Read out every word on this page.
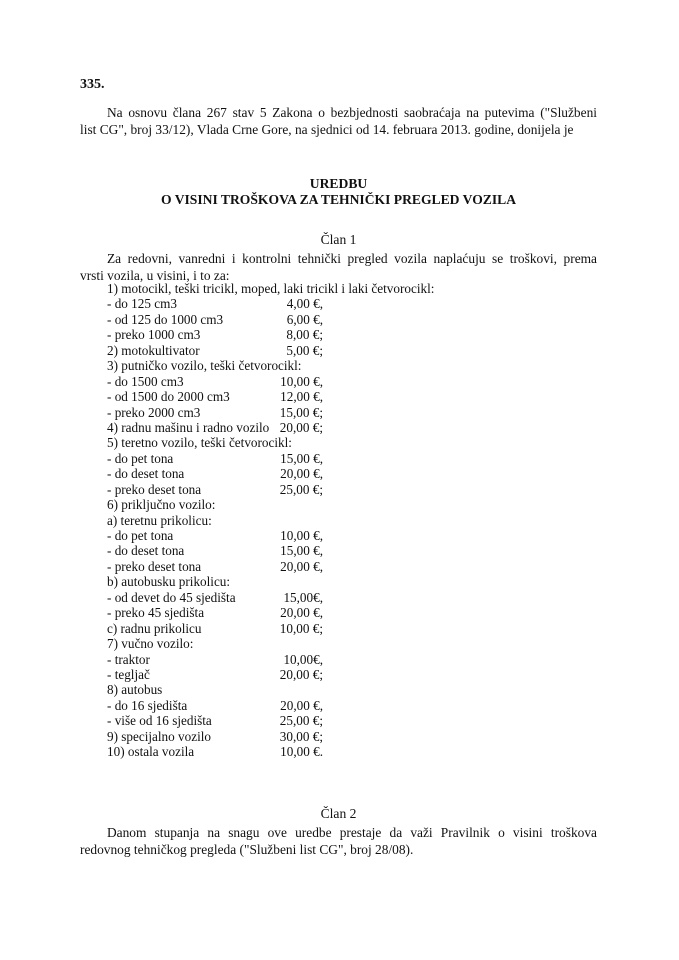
335.
Na osnovu člana 267 stav 5 Zakona o bezbjednosti saobraćaja na putevima ("Službeni
list CG", broj 33/12), Vlada Crne Gore, na sjednici od 14. februara 2013. godine, donijela je
UREDBU
O VISINI TROŠKOVA ZA TEHNIČKI PREGLED VOZILA
Član 1
Za redovni, vanredni i kontrolni tehnički pregled vozila naplaćuju se troškovi, prema
vrsti vozila, u visini, i to za:
1) motocikl, teški tricikl, moped, laki tricikl i laki četvorocikl:
- do 125 cm3	4,00 €,
- od 125 do 1000 cm3	6,00 €,
- preko 1000 cm3	8,00 €;
2) motokultivator	5,00 €;
3) putničko vozilo, teški četvorocikl:
- do 1500 cm3	10,00 €,
- od 1500 do 2000 cm3	12,00 €,
- preko 2000 cm3	15,00 €;
4) radnu mašinu i radno vozilo 20,00 €;
5) teretno vozilo, teški četvorocikl:
- do pet tona	15,00 €,
- do deset tona	20,00 €,
- preko deset tona	25,00 €;
6) priključno vozilo:
a) teretnu prikolicu:
- do pet tona	10,00 €,
- do deset tona	15,00 €,
- preko deset tona	20,00 €,
b) autobusku prikolicu:
- od devet do 45 sjedišta	15,00€,
- preko 45 sjedišta	20,00 €,
c) radnu prikolicu	10,00 €;
7) vučno vozilo:
- traktor	10,00€,
- tegljač	20,00 €;
8) autobus
- do 16 sjedišta	20,00 €,
- više od 16 sjedišta	25,00 €;
9) specijalno vozilo	30,00 €;
10) ostala vozila	10,00 €.
Član 2
Danom stupanja na snagu ove uredbe prestaje da važi Pravilnik o visini troškova
redovnog tehničkog pregleda ("Službeni list CG", broj 28/08).
